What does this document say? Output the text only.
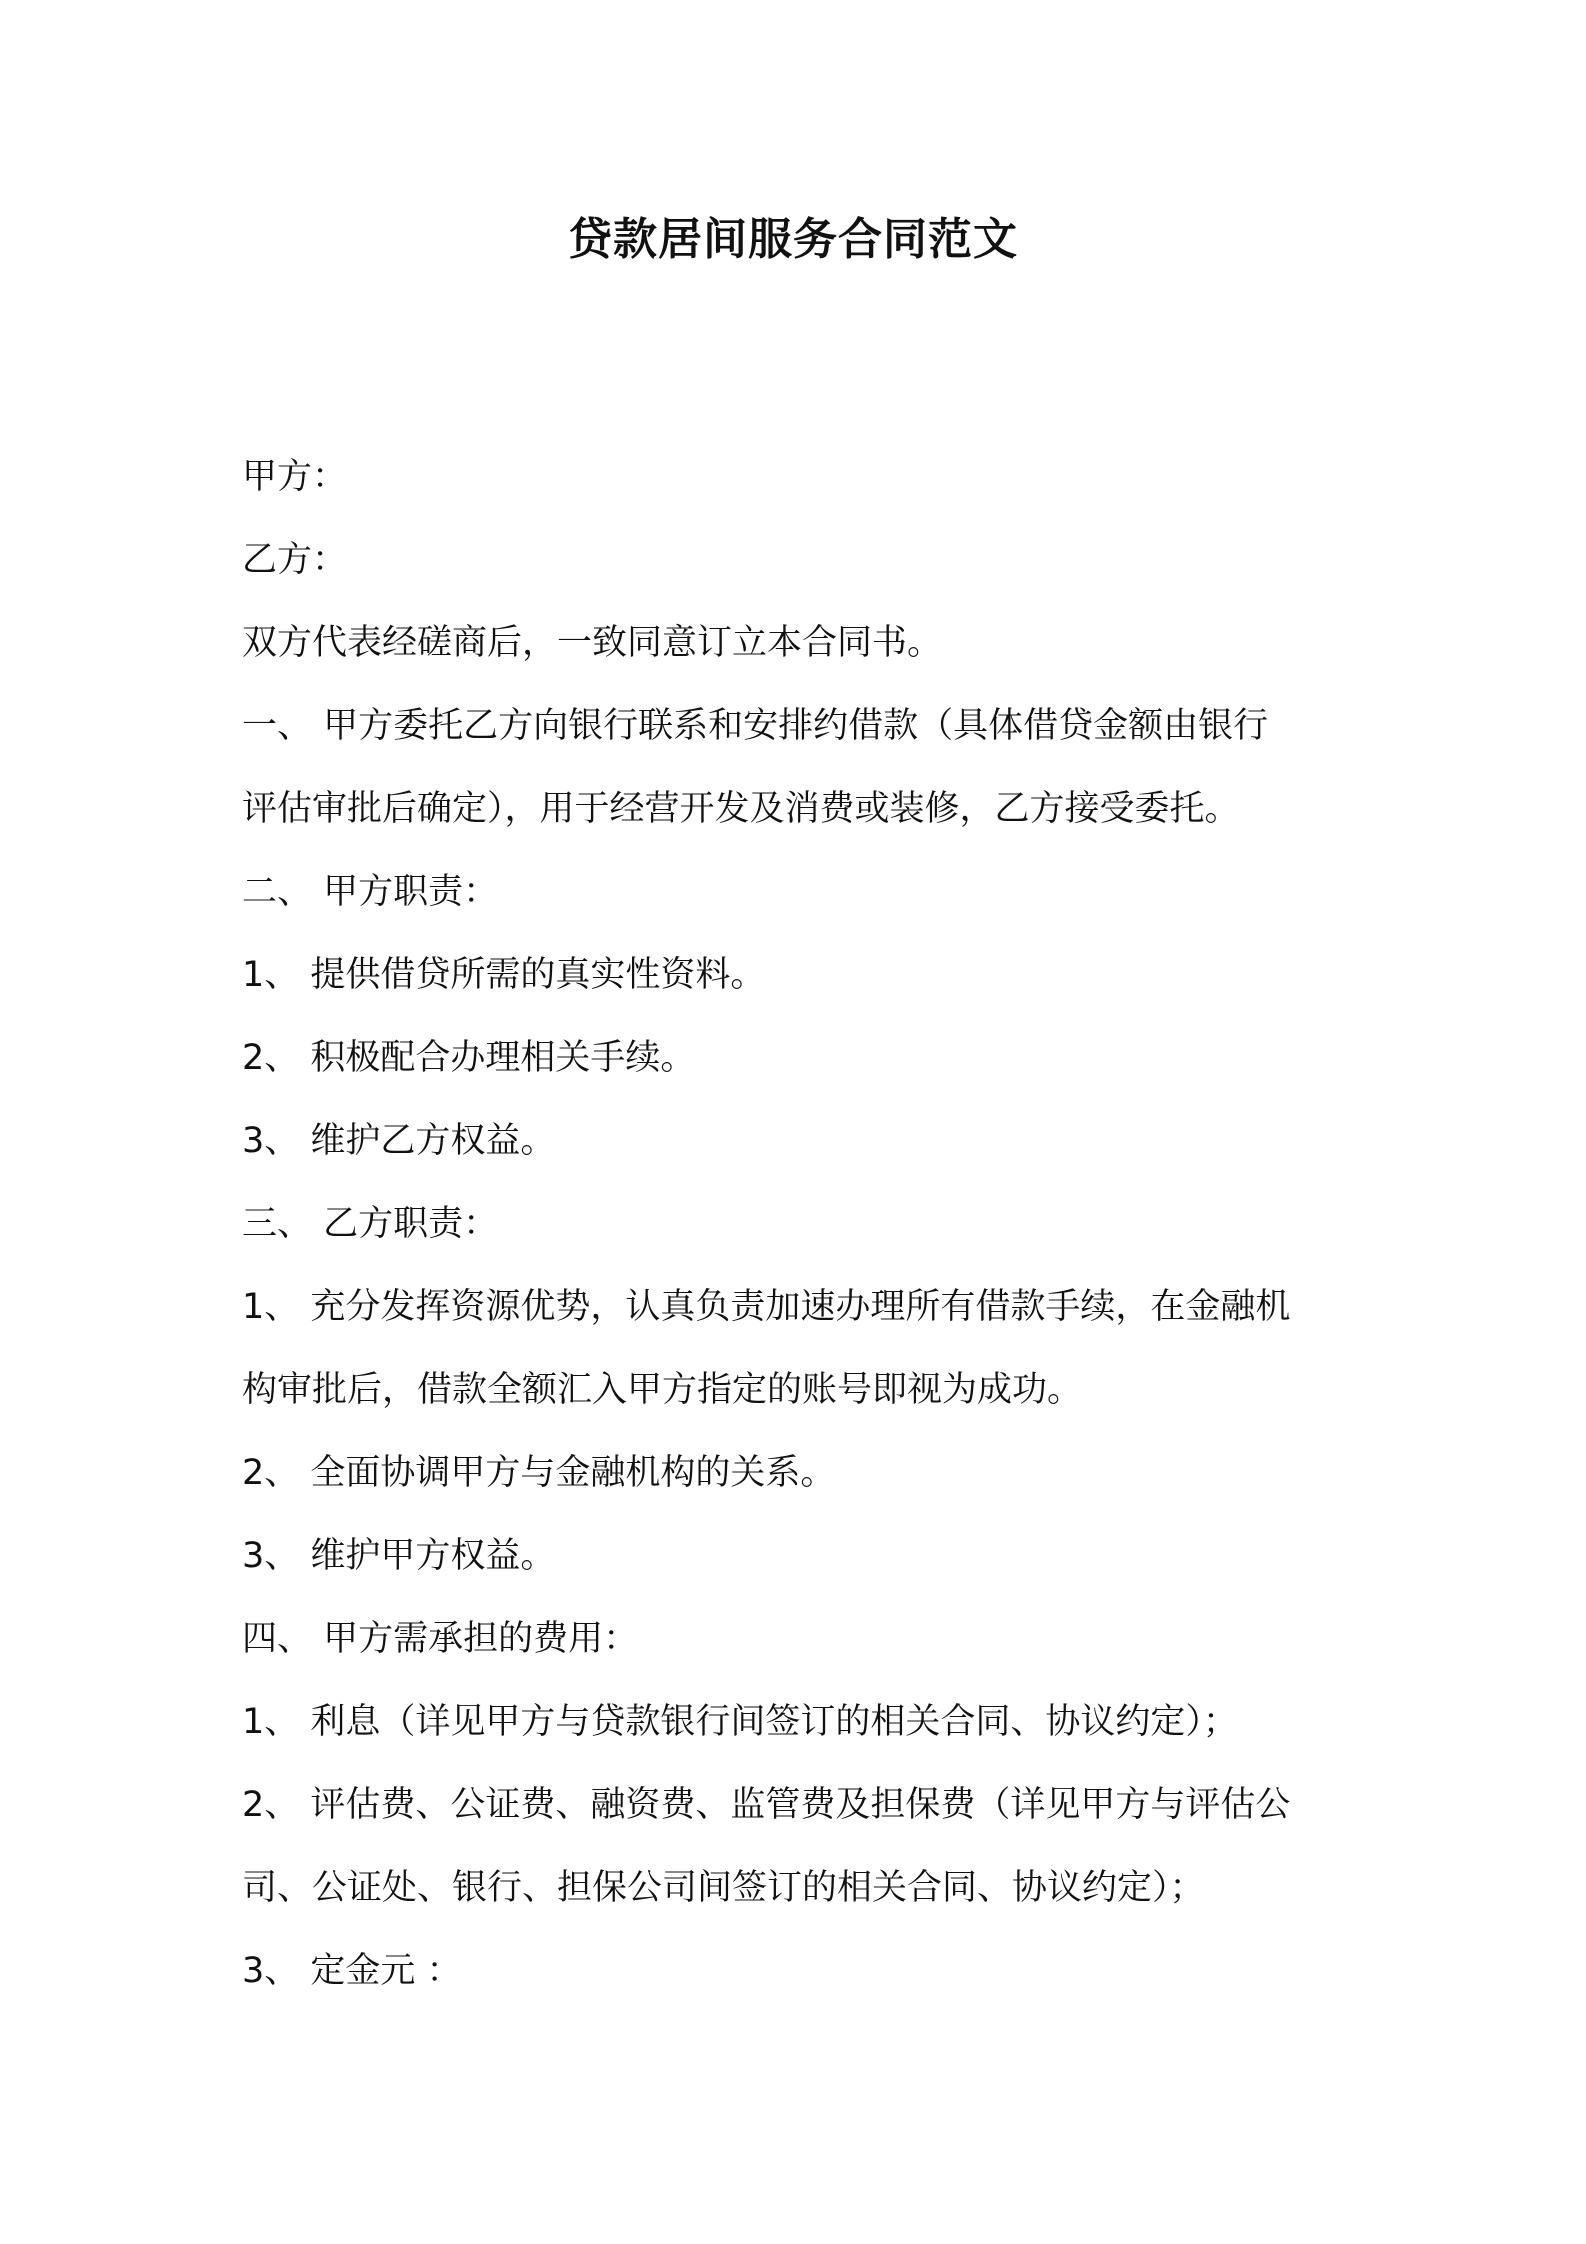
贷款居间服务合同范文
甲方：
乙方：
双方代表经磋商后，一致同意订立本合同书。
一、 甲方委托乙方向银行联系和安排约借款（具体借贷金额由银行
评估审批后确定），用于经营开发及消费或装修，乙方接受委托。
二、 甲方职责：
1、 提供借贷所需的真实性资料。
2、 积极配合办理相关手续。
3、 维护乙方权益。
三、 乙方职责：
1、 充分发挥资源优势，认真负责加速办理所有借款手续，在金融机
构审批后，借款全额汇入甲方指定的账号即视为成功。
2、 全面协调甲方与金融机构的关系。
3、 维护甲方权益。
四、 甲方需承担的费用：
1、 利息（详见甲方与贷款银行间签订的相关合同、协议约定）；
2、 评估费、公证费、融资费、监管费及担保费（详见甲方与评估公
司、公证处、银行、担保公司间签订的相关合同、协议约定）；
3、 定金元 ：
